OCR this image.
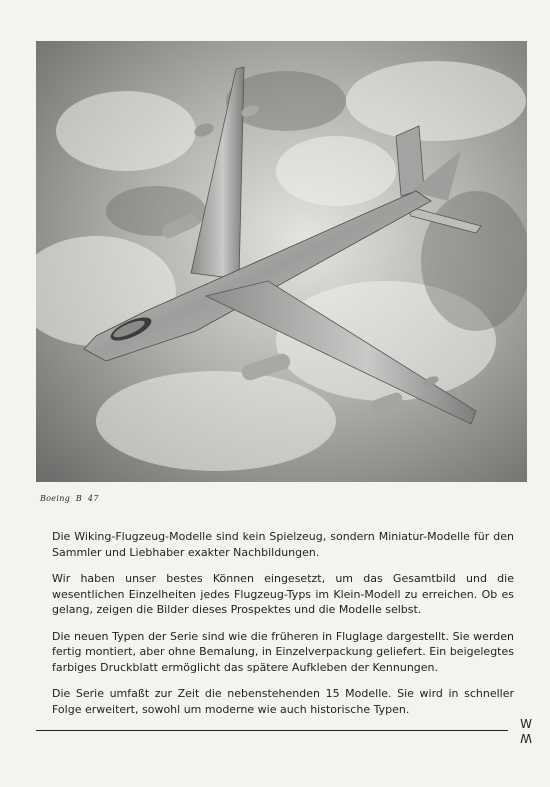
Boeing B 47

Die Wiking-Flugzeug-Modelle sind kein Spielzeug, sondern Miniatur-Modelle für den Sammler und Liebhaber exakter Nachbildungen.

Wir haben unser bestes Können eingesetzt, um das Gesamtbild und die wesentlichen Einzelheiten jedes Flugzeug-Typs im Klein-Modell zu erreichen. Ob es gelang, zeigen die Bilder dieses Prospektes und die Modelle selbst.

Die neuen Typen der Serie sind wie die früheren in Fluglage dargestellt. Sie werden fertig montiert, aber ohne Bemalung, in Einzelverpackung geliefert. Ein beigelegtes farbiges Druckblatt ermöglicht das spätere Aufkleben der Kennungen.

Die Serie umfaßt zur Zeit die nebenstehenden 15 Modelle. Sie wird in schneller Folge erweitert, sowohl um moderne wie auch historische Typen.

W
W
